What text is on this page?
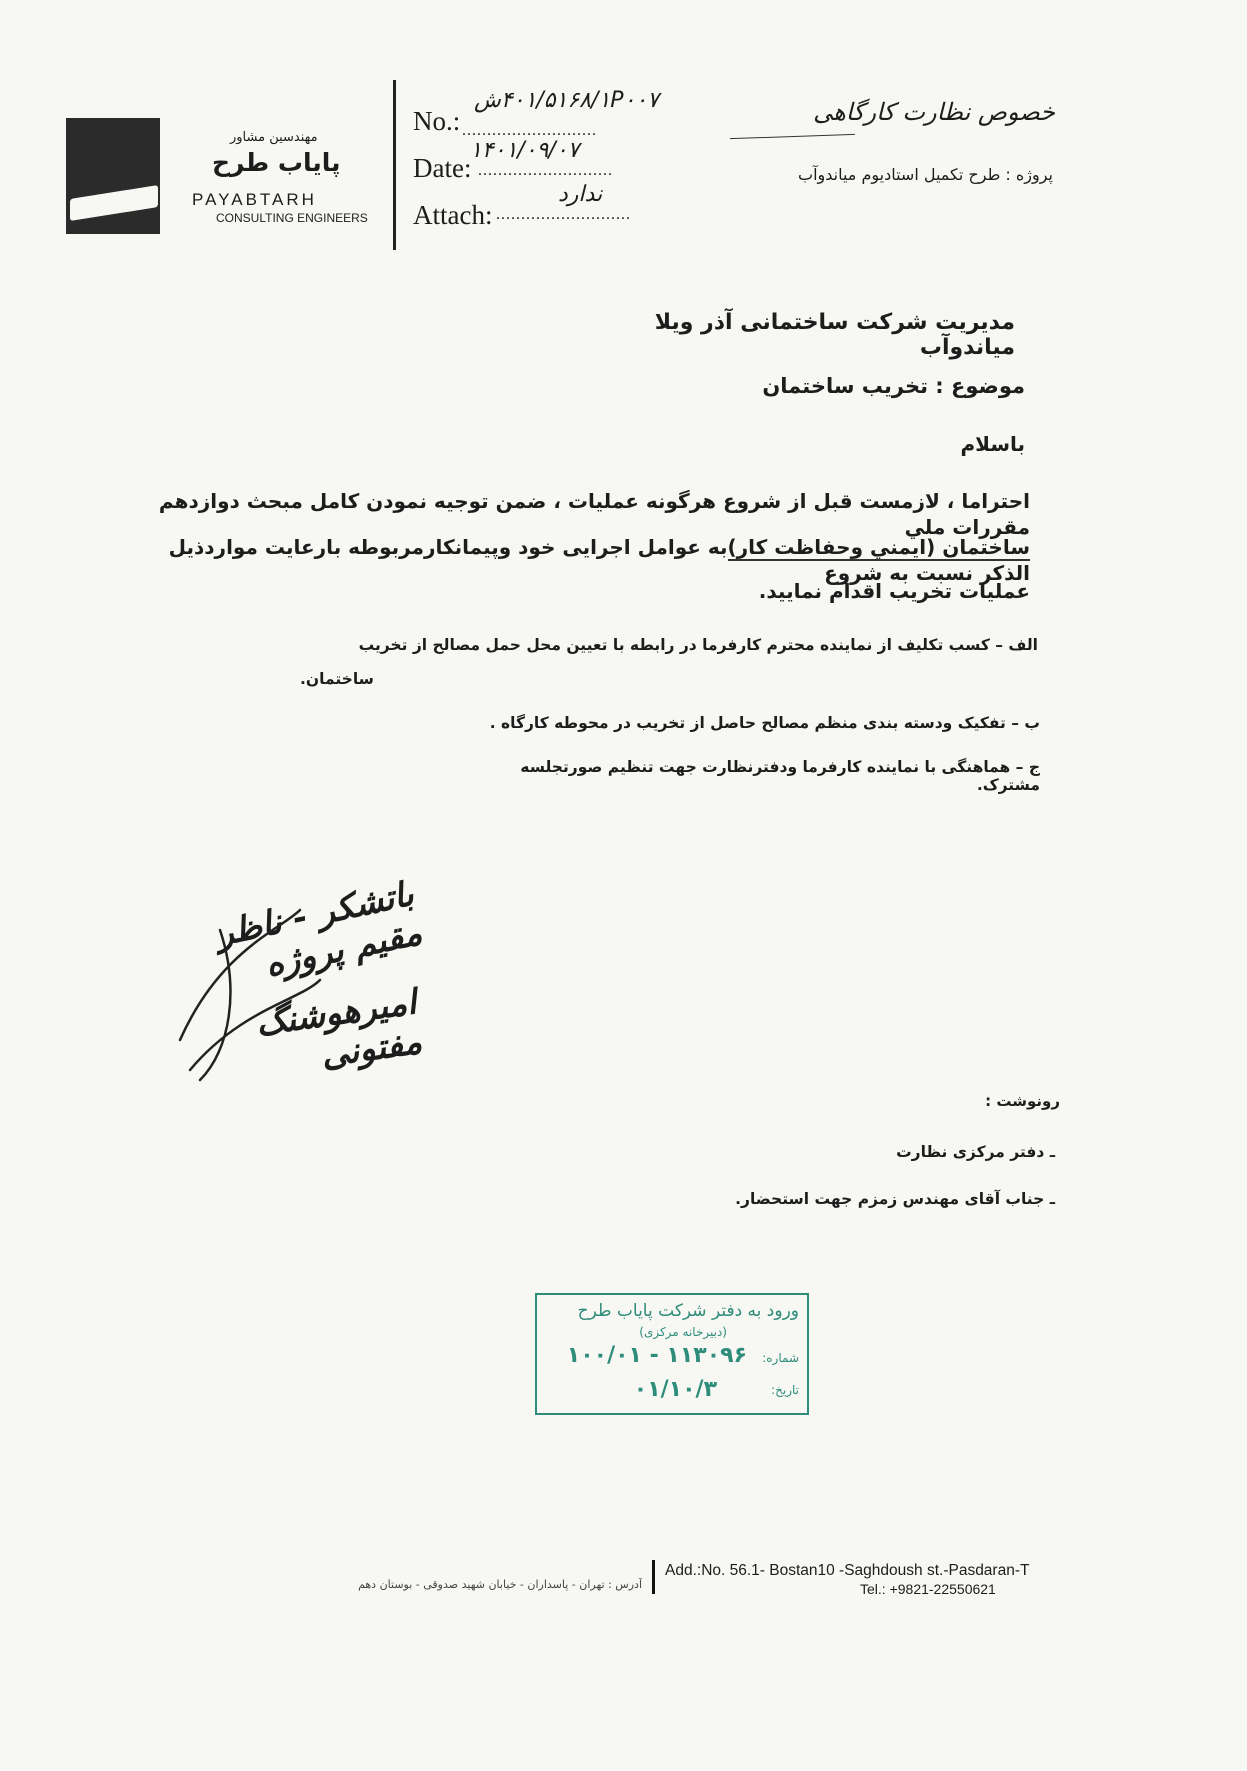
مهندسین مشاور
پایاب طرح
PAYABTARH
CONSULTING ENGINEERS
No.: ...........................
۴۰۱/۵۱۶۸/۱P۰۰۷ش
Date: ...........................
۱۴۰۱/۰۹/۰۷
Attach: ...........................
ندارد
خصوص نظارت کارگاهی
پروژه : طرح تکمیل استادیوم میاندوآب
مدیریت شرکت ساختمانی آذر ویلا میاندوآب
موضوع : تخریب ساختمان
باسلام
احتراما ، لازمست قبل از شروع هرگونه عملیات ، ضمن توجیه نمودن کامل مبحث دوازدهم مقررات ملي
ساختمان (ایمني وحفاظت کار)به عوامل اجرایی خود وپیمانکارمربوطه بارعایت مواردذیل الذکر نسبت به شروع
عملیات تخریب اقدام نمایید.
الف – کسب تکلیف از نماینده محترم کارفرما در رابطه با تعیین محل حمل مصالح از تخریب
ساختمان.
ب – تفکیک ودسته بندی منظم مصالح حاصل از تخریب در محوطه کارگاه .
ج – هماهنگی با نماینده کارفرما ودفترنظارت جهت تنظیم صورتجلسه مشترک.
باتشکر - ناظر مقیم پروژه
امیرهوشنگ مفتونی
رونوشت :
ـ دفتر مرکزی نظارت
ـ جناب آقای مهندس زمزم جهت استحضار.
ورود به دفتر شرکت پایاب طرح
(دبیرخانه مرکزی)
شماره:
۱۰۰/۰۱ - ۱۱۳۰۹۶
تاریخ:
۰۱/۱۰/۳
Add.:No. 56.1- Bostan10 -Saghdoush st.-Pasdaran-T
Tel.: +9821-22550621
آدرس : تهران - پاسداران - خیابان شهید صدوقی - بوستان دهم
